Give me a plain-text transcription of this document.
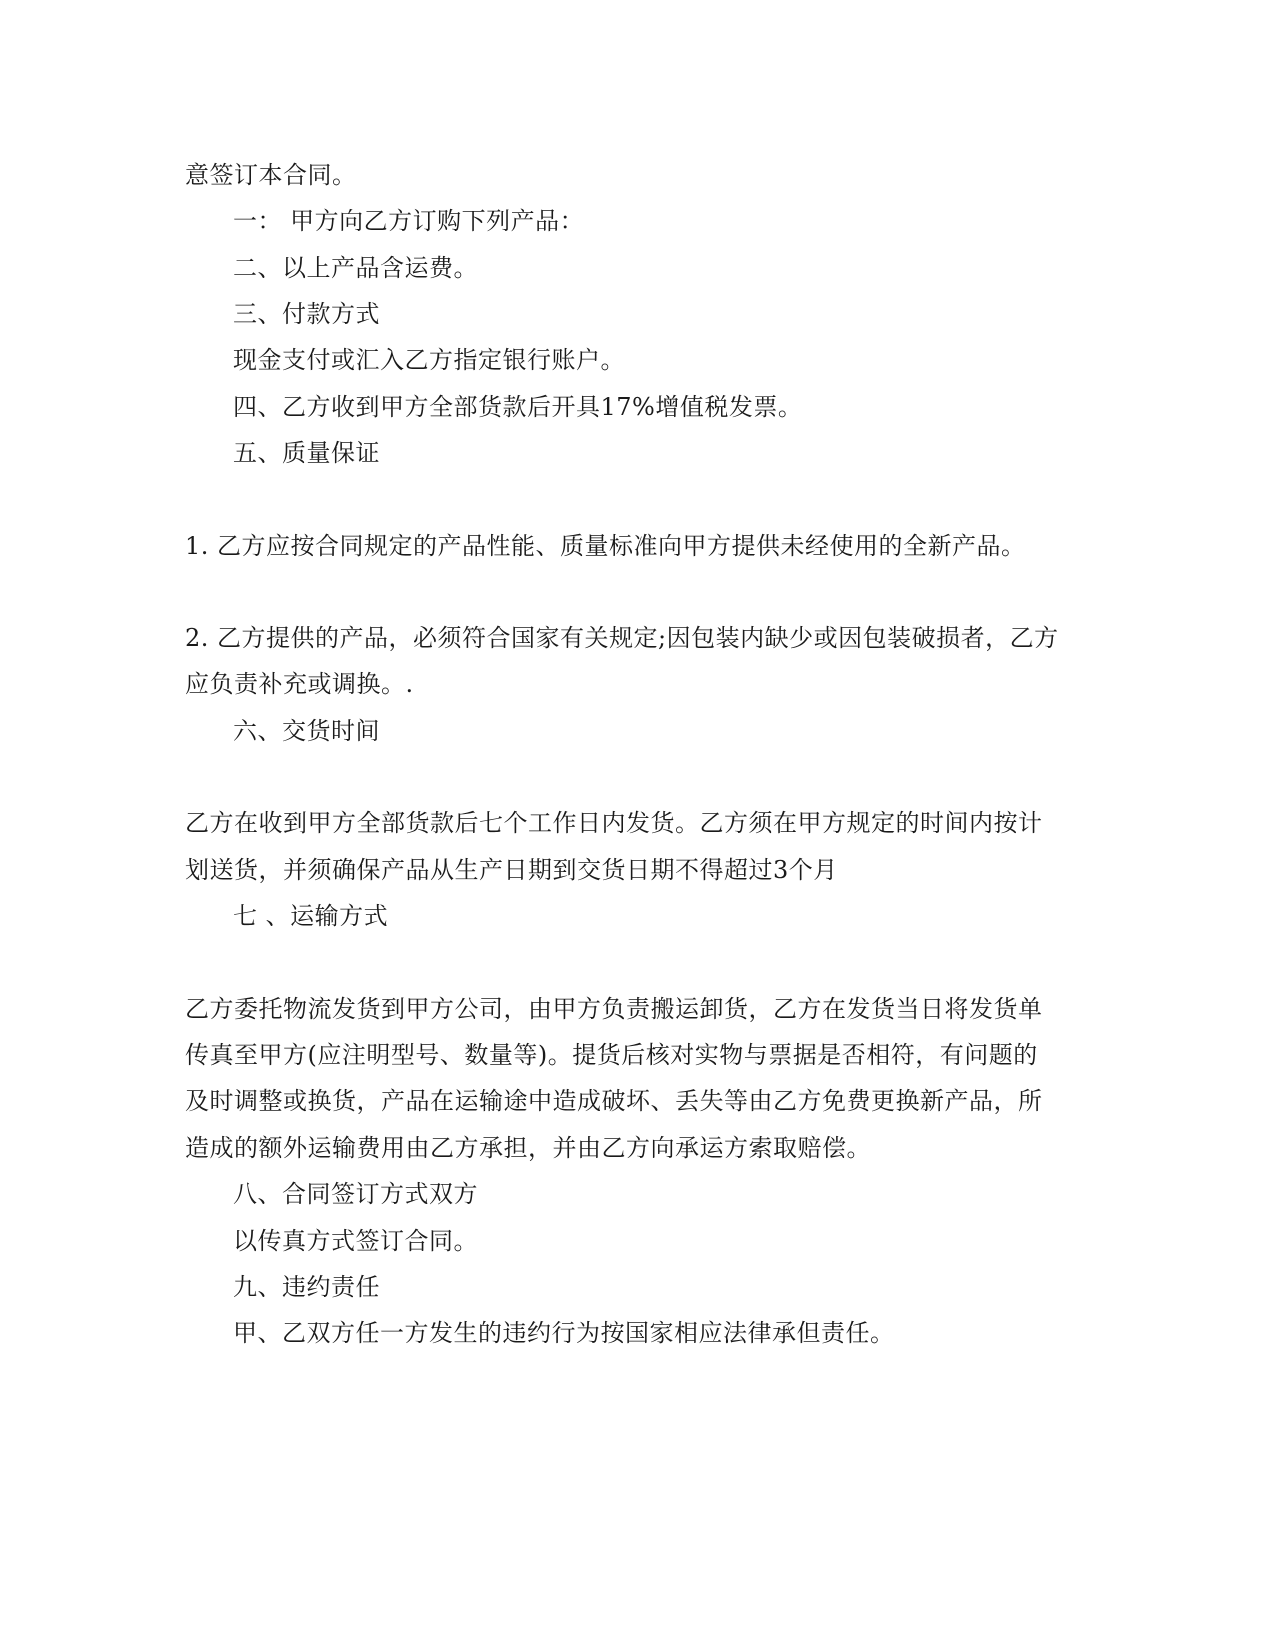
意签订本合同。
一： 甲方向乙方订购下列产品：
二、以上产品含运费。
三、付款方式
现金支付或汇入乙方指定银行账户。
四、乙方收到甲方全部货款后开具17%增值税发票。
五、质量保证
1. 乙方应按合同规定的产品性能、质量标准向甲方提供未经使用的全新产品。
2. 乙方提供的产品，必须符合国家有关规定;因包装内缺少或因包装破损者，乙方
应负责补充或调换。.
六、交货时间
乙方在收到甲方全部货款后七个工作日内发货。乙方须在甲方规定的时间内按计
划送货，并须确保产品从生产日期到交货日期不得超过3个月
七 、运输方式
乙方委托物流发货到甲方公司，由甲方负责搬运卸货，乙方在发货当日将发货单
传真至甲方(应注明型号、数量等)。提货后核对实物与票据是否相符，有问题的
及时调整或换货，产品在运输途中造成破坏、丢失等由乙方免费更换新产品，所
造成的额外运输费用由乙方承担，并由乙方向承运方索取赔偿。
八、合同签订方式双方
以传真方式签订合同。
九、违约责任
甲、乙双方任一方发生的违约行为按国家相应法律承但责任。
